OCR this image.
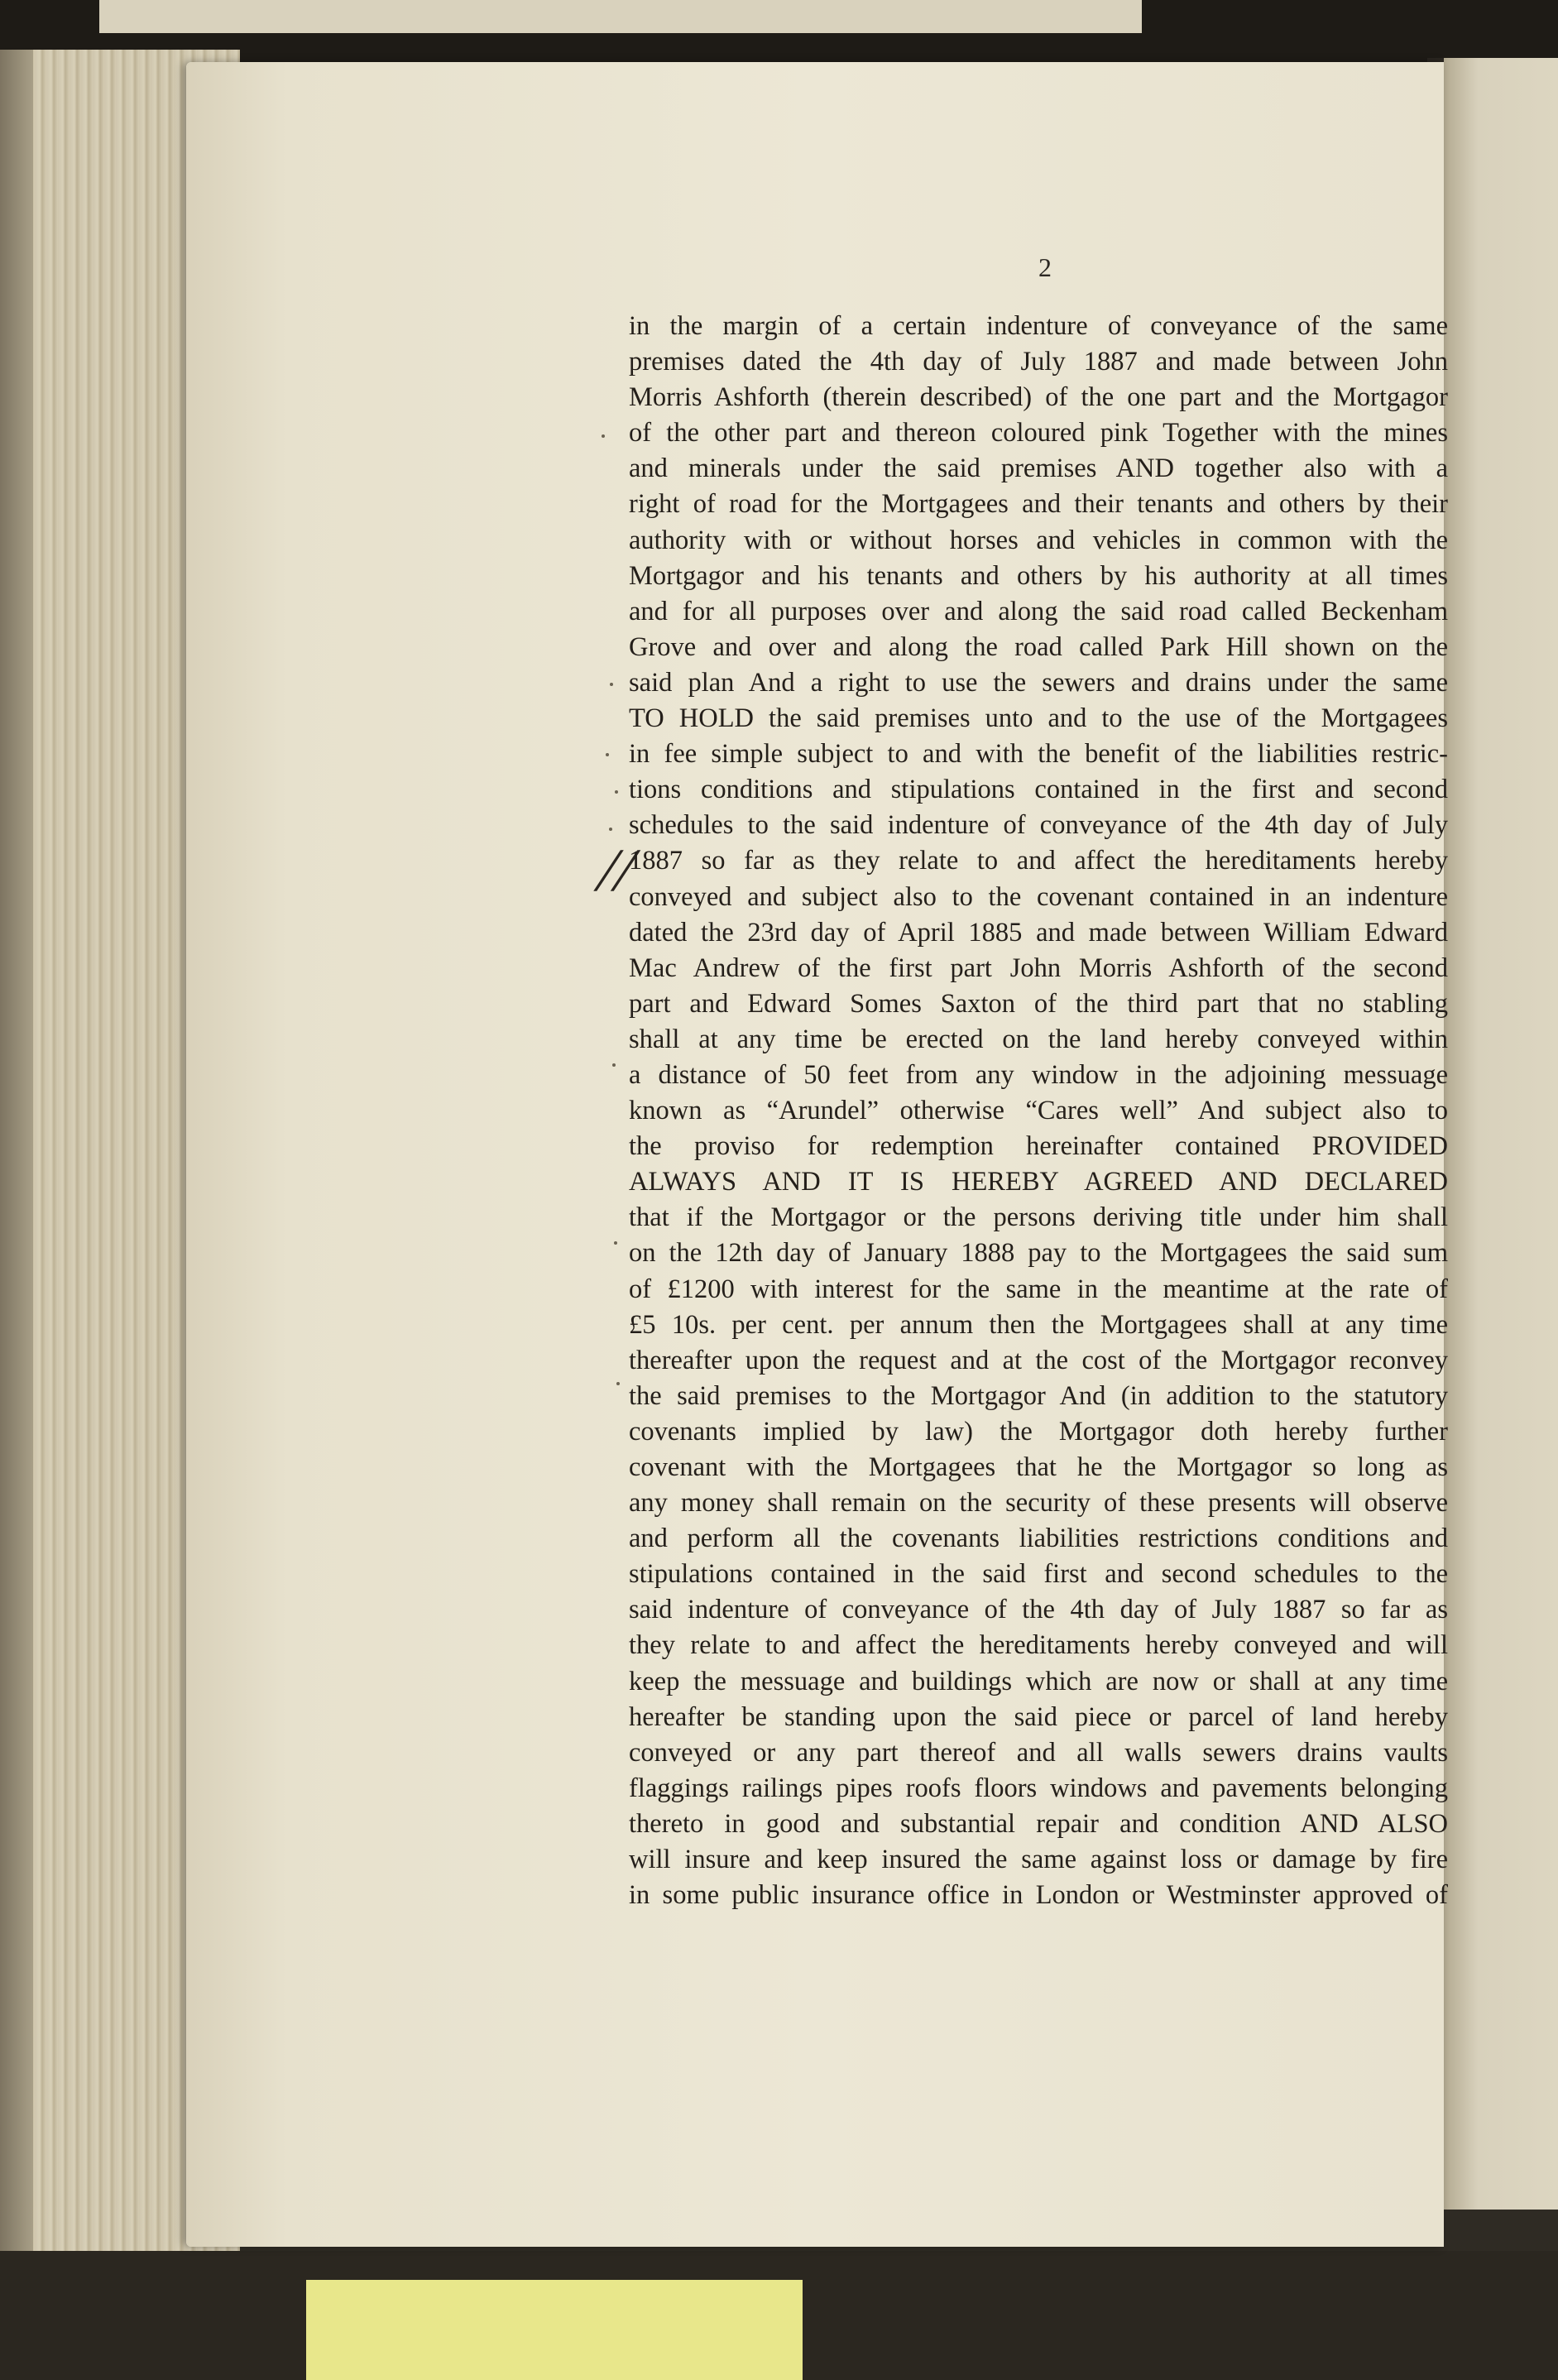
2
//
in the margin of a certain indenture of conveyance of the same
premises dated the 4th day of July 1887 and made between John
Morris Ashforth (therein described) of the one part and the Mortgagor
of the other part and thereon coloured pink Together with the mines
and minerals under the said premises AND together also with a
right of road for the Mortgagees and their tenants and others by their
authority with or without horses and vehicles in common with the
Mortgagor and his tenants and others by his authority at all times
and for all purposes over and along the said road called Beckenham
Grove and over and along the road called Park Hill shown on the
said plan And a right to use the sewers and drains under the same
TO HOLD the said premises unto and to the use of the Mortgagees
in fee simple subject to and with the benefit of the liabilities restric-
tions conditions and stipulations contained in the first and second
schedules to the said indenture of conveyance of the 4th day of July
1887 so far as they relate to and affect the hereditaments hereby
conveyed and subject also to the covenant contained in an indenture
dated the 23rd day of April 1885 and made between William Edward
Mac Andrew of the first part John Morris Ashforth of the second
part and Edward Somes Saxton of the third part that no stabling
shall at any time be erected on the land hereby conveyed within
a distance of 50 feet from any window in the adjoining messuage
known as “Arundel” otherwise “Cares well” And subject also to
the proviso for redemption hereinafter contained PROVIDED
ALWAYS AND IT IS HEREBY AGREED AND DECLARED
that if the Mortgagor or the persons deriving title under him shall
on the 12th day of January 1888 pay to the Mortgagees the said sum
of £1200 with interest for the same in the meantime at the rate of
£5 10s. per cent. per annum then the Mortgagees shall at any time
thereafter upon the request and at the cost of the Mortgagor reconvey
the said premises to the Mortgagor And (in addition to the statutory
covenants implied by law) the Mortgagor doth hereby further
covenant with the Mortgagees that he the Mortgagor so long as
any money shall remain on the security of these presents will observe
and perform all the covenants liabilities restrictions conditions and
stipulations contained in the said first and second schedules to the
said indenture of conveyance of the 4th day of July 1887 so far as
they relate to and affect the hereditaments hereby conveyed and will
keep the messuage and buildings which are now or shall at any time
hereafter be standing upon the said piece or parcel of land hereby
conveyed or any part thereof and all walls sewers drains vaults
flaggings railings pipes roofs floors windows and pavements belonging
thereto in good and substantial repair and condition AND ALSO
will insure and keep insured the same against loss or damage by fire
in some public insurance office in London or Westminster approved of
